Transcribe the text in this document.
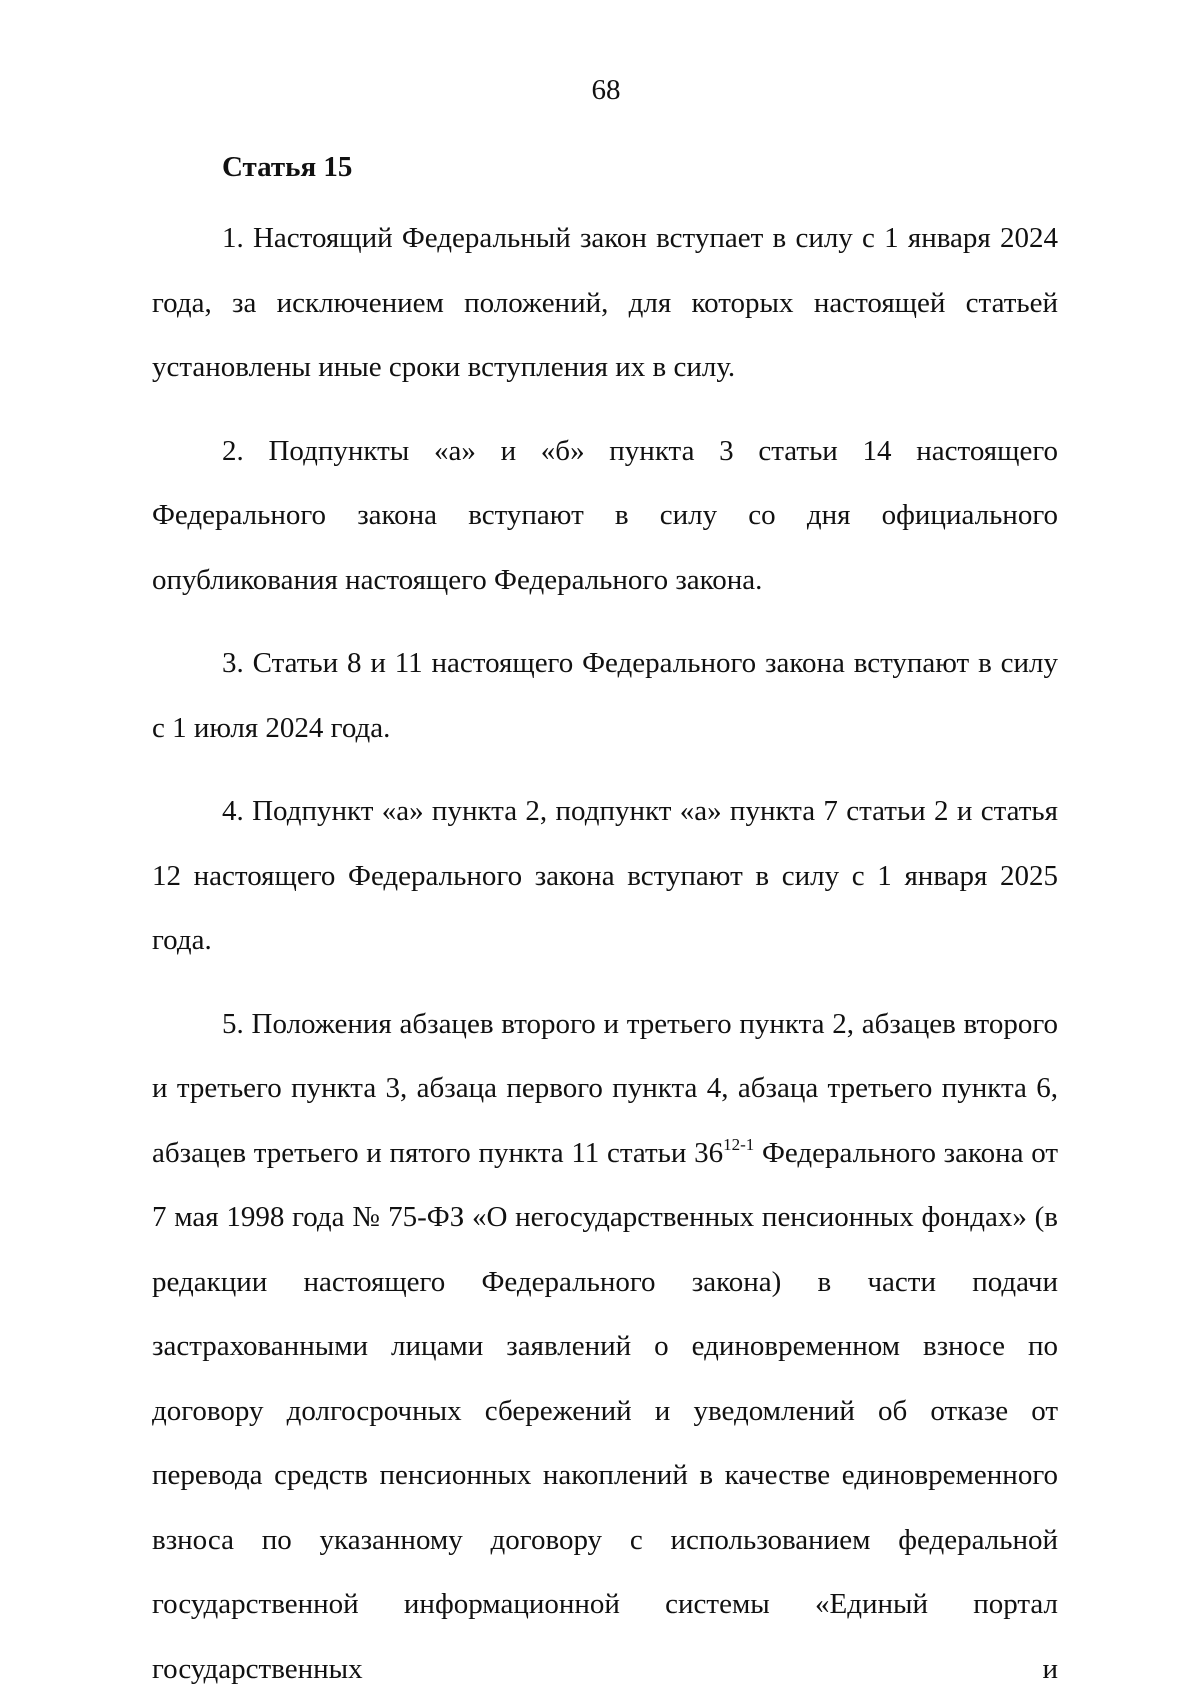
68
Статья 15

1. Настоящий Федеральный закон вступает в силу с 1 января 2024 года, за исключением положений, для которых настоящей статьей установлены иные сроки вступления их в силу.

2. Подпункты «а» и «б» пункта 3 статьи 14 настоящего Федерального закона вступают в силу со дня официального опубликования настоящего Федерального закона.

3. Статьи 8 и 11 настоящего Федерального закона вступают в силу с 1 июля 2024 года.

4. Подпункт «а» пункта 2, подпункт «а» пункта 7 статьи 2 и статья 12 настоящего Федерального закона вступают в силу с 1 января 2025 года.

5. Положения абзацев второго и третьего пункта 2, абзацев второго и третьего пункта 3, абзаца первого пункта 4, абзаца третьего пункта 6, абзацев третьего и пятого пункта 11 статьи 36$^{12-1}$ Федерального закона от 7 мая 1998 года № 75-ФЗ «О негосударственных пенсионных фондах» (в редакции настоящего Федерального закона) в части подачи застрахованными лицами заявлений о единовременном взносе по договору долгосрочных сбережений и уведомлений об отказе от перевода средств пенсионных накоплений в качестве единовременного взноса по указанному договору с использованием федеральной государственной информационной системы «Единый портал государственных и
